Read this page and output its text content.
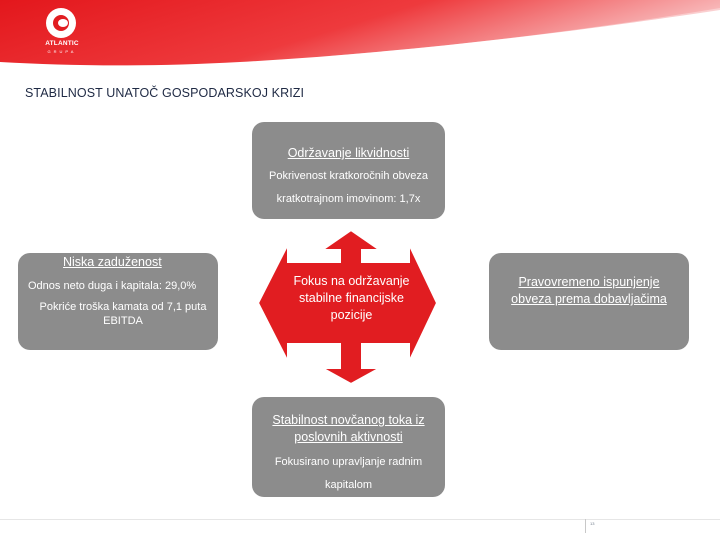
ATLANTIC
GRUPA
STABILNOST UNATOČ GOSPODARSKOJ KRIZI
Fokus na održavanje stabilne financijske pozicije
Održavanje likvidnosti
Pokrivenost kratkoročnih obveza
kratkotrajnom imovinom: 1,7x
Niska zaduženost
Odnos neto duga i kapitala: 29,0%
Pokriće troška kamata od 7,1 puta EBITDA
Pravovremeno ispunjenje
obveza prema dobavljačima
Stabilnost novčanog toka iz
poslovnih aktivnosti
Fokusirano upravljanje radnim
kapitalom
13
